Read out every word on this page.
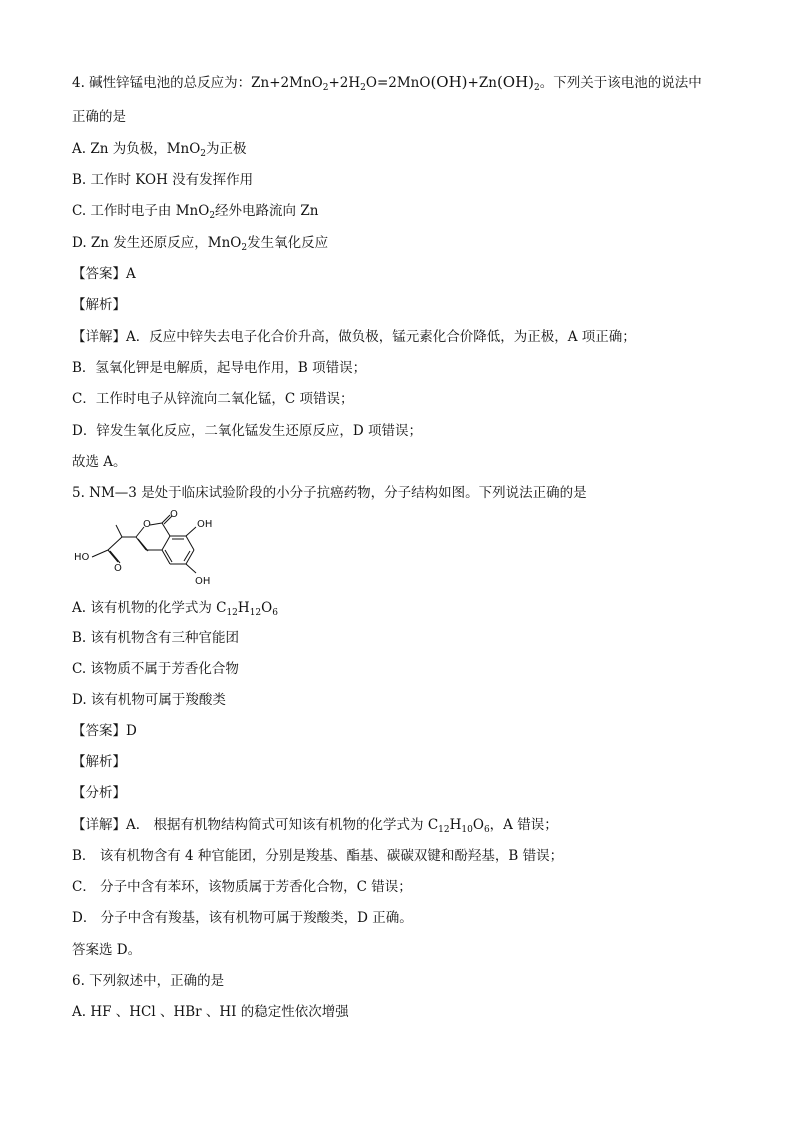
4. 碱性锌锰电池的总反应为：$Zn+2MnO_2+2H_2O=2MnO(OH)+Zn(OH)_2$。下列关于该电池的说法中
正确的是
A. Zn 为负极，MnO$_2$为正极
B. 工作时 KOH 没有发挥作用
C. 工作时电子由 MnO$_2$经外电路流向 Zn
D. Zn 发生还原反应，MnO$_2$发生氧化反应
【答案】A
【解析】
【详解】A．反应中锌失去电子化合价升高，做负极，锰元素化合价降低，为正极，A 项正确；
B．氢氧化钾是电解质，起导电作用，B 项错误；
C．工作时电子从锌流向二氧化锰，C 项错误；
D．锌发生氧化反应，二氧化锰发生还原反应，D 项错误；
故选 A。
5. NM—3 是处于临床试验阶段的小分子抗癌药物，分子结构如图。下列说法正确的是
HO
O
O
O
OH
OH
A. 该有机物的化学式为 $C_{12}H_{12}O_6$
B. 该有机物含有三种官能团
C. 该物质不属于芳香化合物
D. 该有机物可属于羧酸类
【答案】D
【解析】
【分析】
【详解】A． 根据有机物结构简式可知该有机物的化学式为 $C_{12}H_{10}O_6$，A 错误；
B． 该有机物含有 4 种官能团，分别是羧基、酯基、碳碳双键和酚羟基，B 错误；
C． 分子中含有苯环，该物质属于芳香化合物，C 错误；
D． 分子中含有羧基，该有机物可属于羧酸类，D 正确。
答案选 D。
6. 下列叙述中，正确的是
A. HF 、HCl 、HBr 、HI 的稳定性依次增强
